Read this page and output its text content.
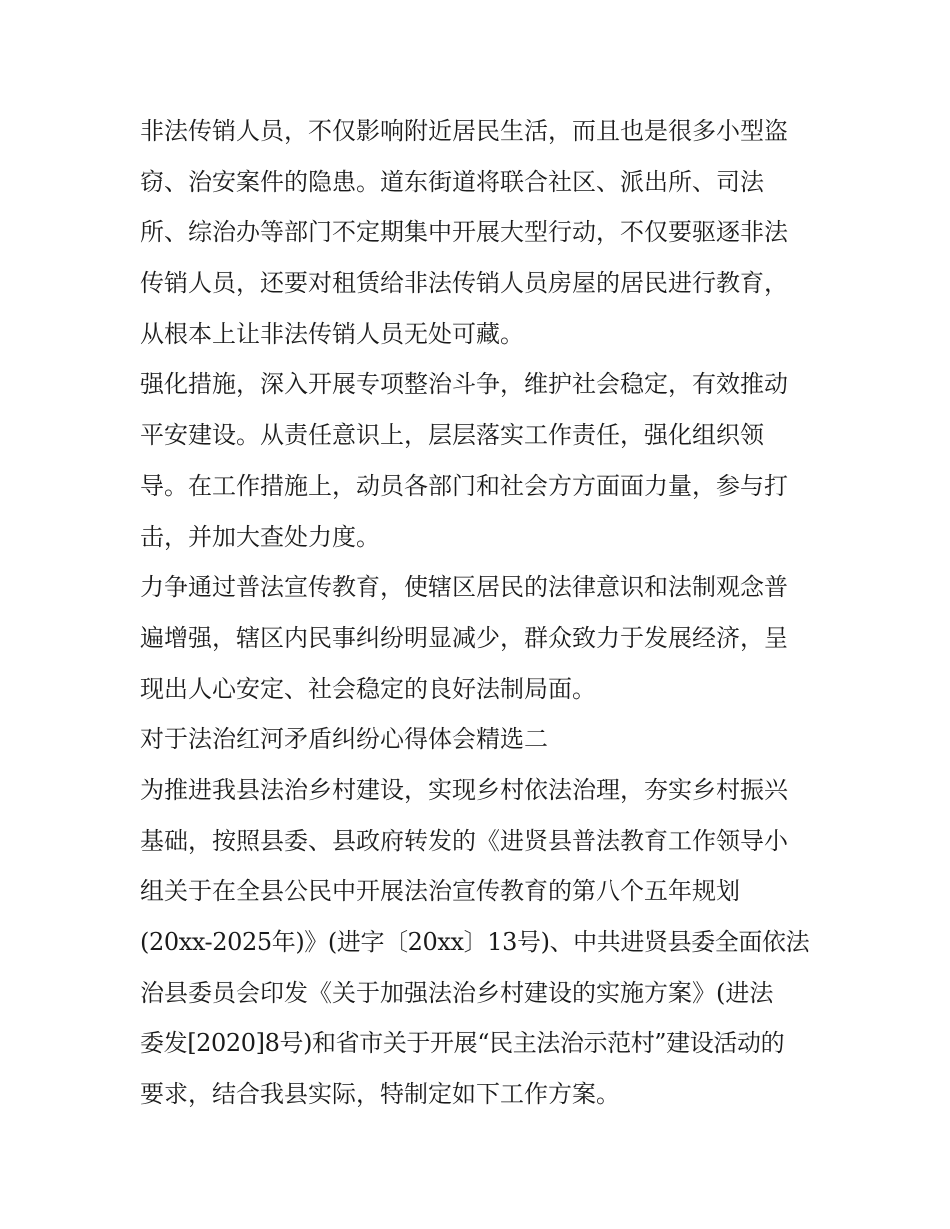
非法传销人员，不仅影响附近居民生活，而且也是很多小型盗
窃、治安案件的隐患。道东街道将联合社区、派出所、司法
所、综治办等部门不定期集中开展大型行动，不仅要驱逐非法
传销人员，还要对租赁给非法传销人员房屋的居民进行教育，
从根本上让非法传销人员无处可藏。
强化措施，深入开展专项整治斗争，维护社会稳定，有效推动
平安建设。从责任意识上，层层落实工作责任，强化组织领
导。在工作措施上，动员各部门和社会方方面面力量，参与打
击，并加大查处力度。
力争通过普法宣传教育，使辖区居民的法律意识和法制观念普
遍增强，辖区内民事纠纷明显减少，群众致力于发展经济，呈
现出人心安定、社会稳定的良好法制局面。
对于法治红河矛盾纠纷心得体会精选二
为推进我县法治乡村建设，实现乡村依法治理，夯实乡村振兴
基础，按照县委、县政府转发的《进贤县普法教育工作领导小
组关于在全县公民中开展法治宣传教育的第八个五年规划
(20xx-2025年)》(进字〔20xx〕13号)、中共进贤县委全面依法
治县委员会印发《关于加强法治乡村建设的实施方案》(进法
委发[2020]8号)和省市关于开展“民主法治示范村”建设活动的
要求，结合我县实际，特制定如下工作方案。
